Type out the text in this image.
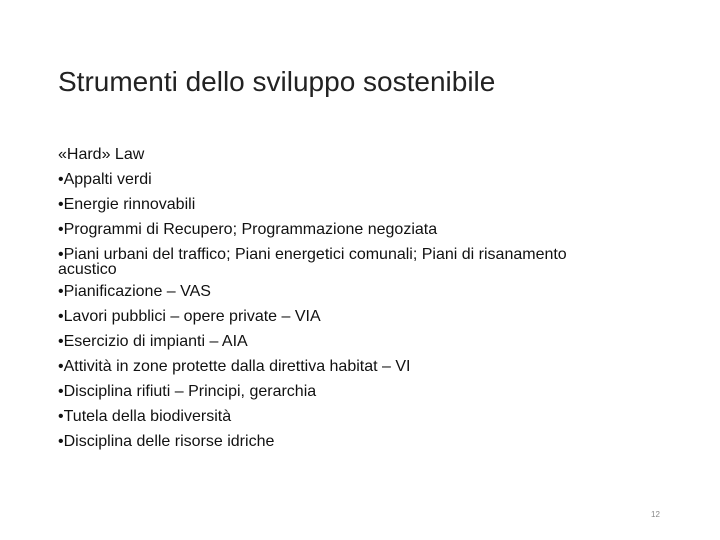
Strumenti dello sviluppo sostenibile

«Hard» Law

•Appalti verdi
•Energie rinnovabili
•Programmi di Recupero; Programmazione negoziata
•Piani urbani del traffico; Piani energetici comunali; Piani di risanamento acustico
•Pianificazione – VAS
•Lavori pubblici – opere private – VIA
•Esercizio di impianti – AIA
•Attività in zone protette dalla direttiva habitat – VI
•Disciplina rifiuti – Principi, gerarchia
•Tutela della biodiversità
•Disciplina delle risorse idriche
12
